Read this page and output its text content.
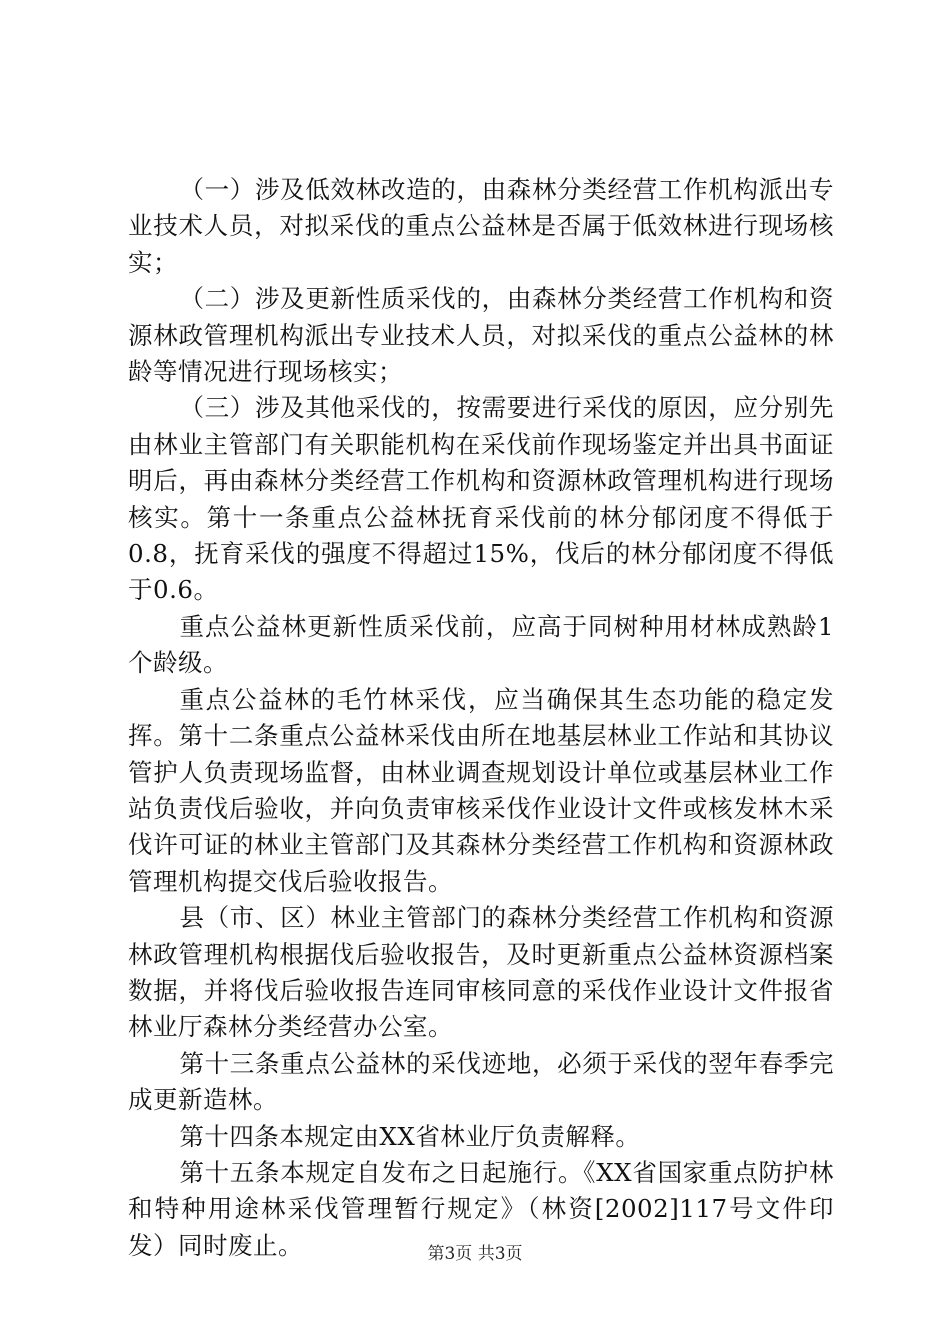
（一）涉及低效林改造的，由森林分类经营工作机构派出专业技术人员，对拟采伐的重点公益林是否属于低效林进行现场核实；

（二）涉及更新性质采伐的，由森林分类经营工作机构和资源林政管理机构派出专业技术人员，对拟采伐的重点公益林的林龄等情况进行现场核实；

（三）涉及其他采伐的，按需要进行采伐的原因，应分别先由林业主管部门有关职能机构在采伐前作现场鉴定并出具书面证明后，再由森林分类经营工作机构和资源林政管理机构进行现场核实。第十一条重点公益林抚育采伐前的林分郁闭度不得低于0.8，抚育采伐的强度不得超过15%，伐后的林分郁闭度不得低于0.6。

重点公益林更新性质采伐前，应高于同树种用材林成熟龄1个龄级。

重点公益林的毛竹林采伐，应当确保其生态功能的稳定发挥。第十二条重点公益林采伐由所在地基层林业工作站和其协议管护人负责现场监督，由林业调查规划设计单位或基层林业工作站负责伐后验收，并向负责审核采伐作业设计文件或核发林木采伐许可证的林业主管部门及其森林分类经营工作机构和资源林政管理机构提交伐后验收报告。

县（市、区）林业主管部门的森林分类经营工作机构和资源林政管理机构根据伐后验收报告，及时更新重点公益林资源档案数据，并将伐后验收报告连同审核同意的采伐作业设计文件报省林业厅森林分类经营办公室。

第十三条重点公益林的采伐迹地，必须于采伐的翌年春季完成更新造林。

第十四条本规定由XX省林业厅负责解释。

第十五条本规定自发布之日起施行。《XX省国家重点防护林和特种用途林采伐管理暂行规定》（林资[2002]117号文件印发）同时废止。	第3页 共3页
